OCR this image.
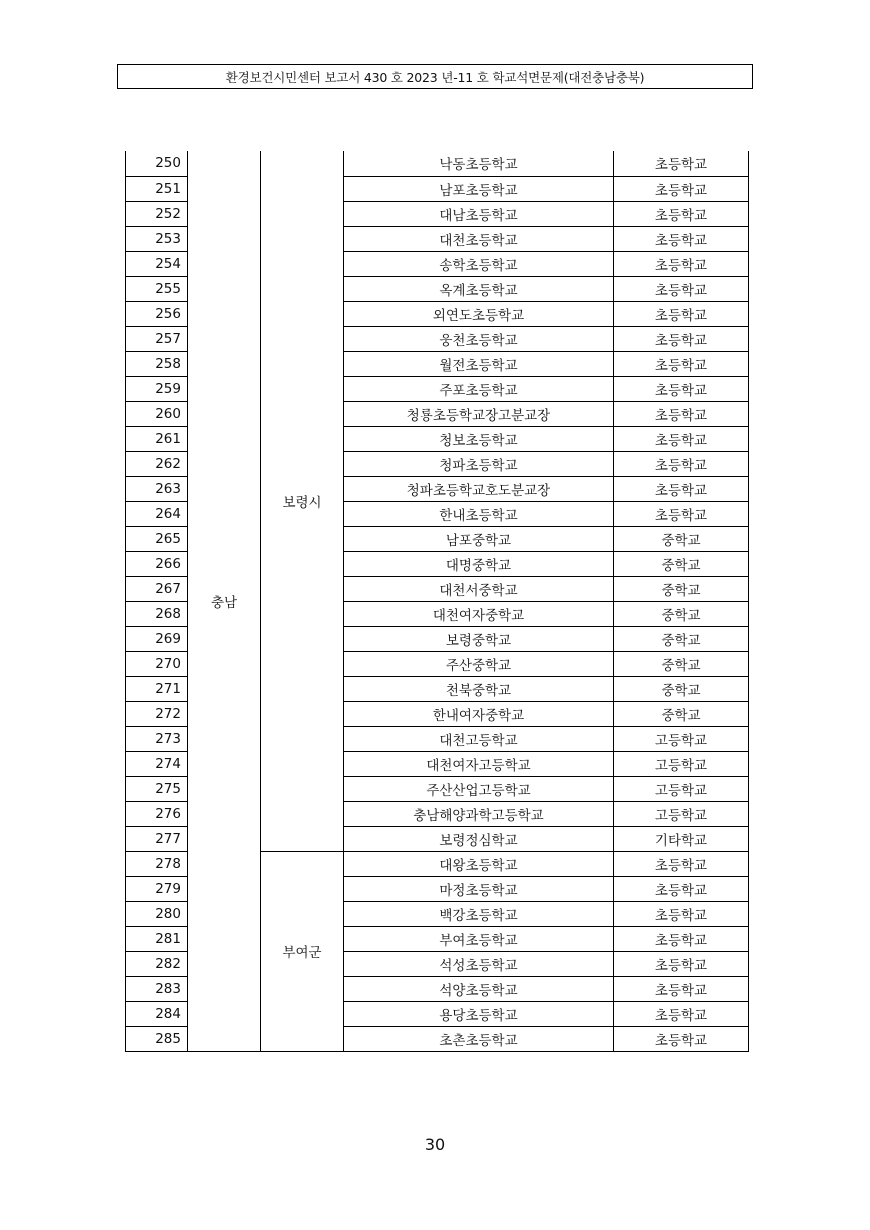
환경보건시민센터 보고서 430 호 2023 년-11 호 학교석면문제(대전충남충북)
250	충남	보령시	낙동초등학교	초등학교
251			남포초등학교	초등학교
252			대남초등학교	초등학교
253			대천초등학교	초등학교
254			송학초등학교	초등학교
255			옥계초등학교	초등학교
256			외연도초등학교	초등학교
257			웅천초등학교	초등학교
258			월전초등학교	초등학교
259			주포초등학교	초등학교
260			청룡초등학교장고분교장	초등학교
261			청보초등학교	초등학교
262			청파초등학교	초등학교
263			청파초등학교호도분교장	초등학교
264			한내초등학교	초등학교
265			남포중학교	중학교
266			대명중학교	중학교
267			대천서중학교	중학교
268			대천여자중학교	중학교
269			보령중학교	중학교
270			주산중학교	중학교
271			천북중학교	중학교
272			한내여자중학교	중학교
273			대천고등학교	고등학교
274			대천여자고등학교	고등학교
275			주산산업고등학교	고등학교
276			충남해양과학고등학교	고등학교
277			보령정심학교	기타학교
278		부여군	대왕초등학교	초등학교
279			마정초등학교	초등학교
280			백강초등학교	초등학교
281			부여초등학교	초등학교
282			석성초등학교	초등학교
283			석양초등학교	초등학교
284			용당초등학교	초등학교
285			초촌초등학교	초등학교
30
